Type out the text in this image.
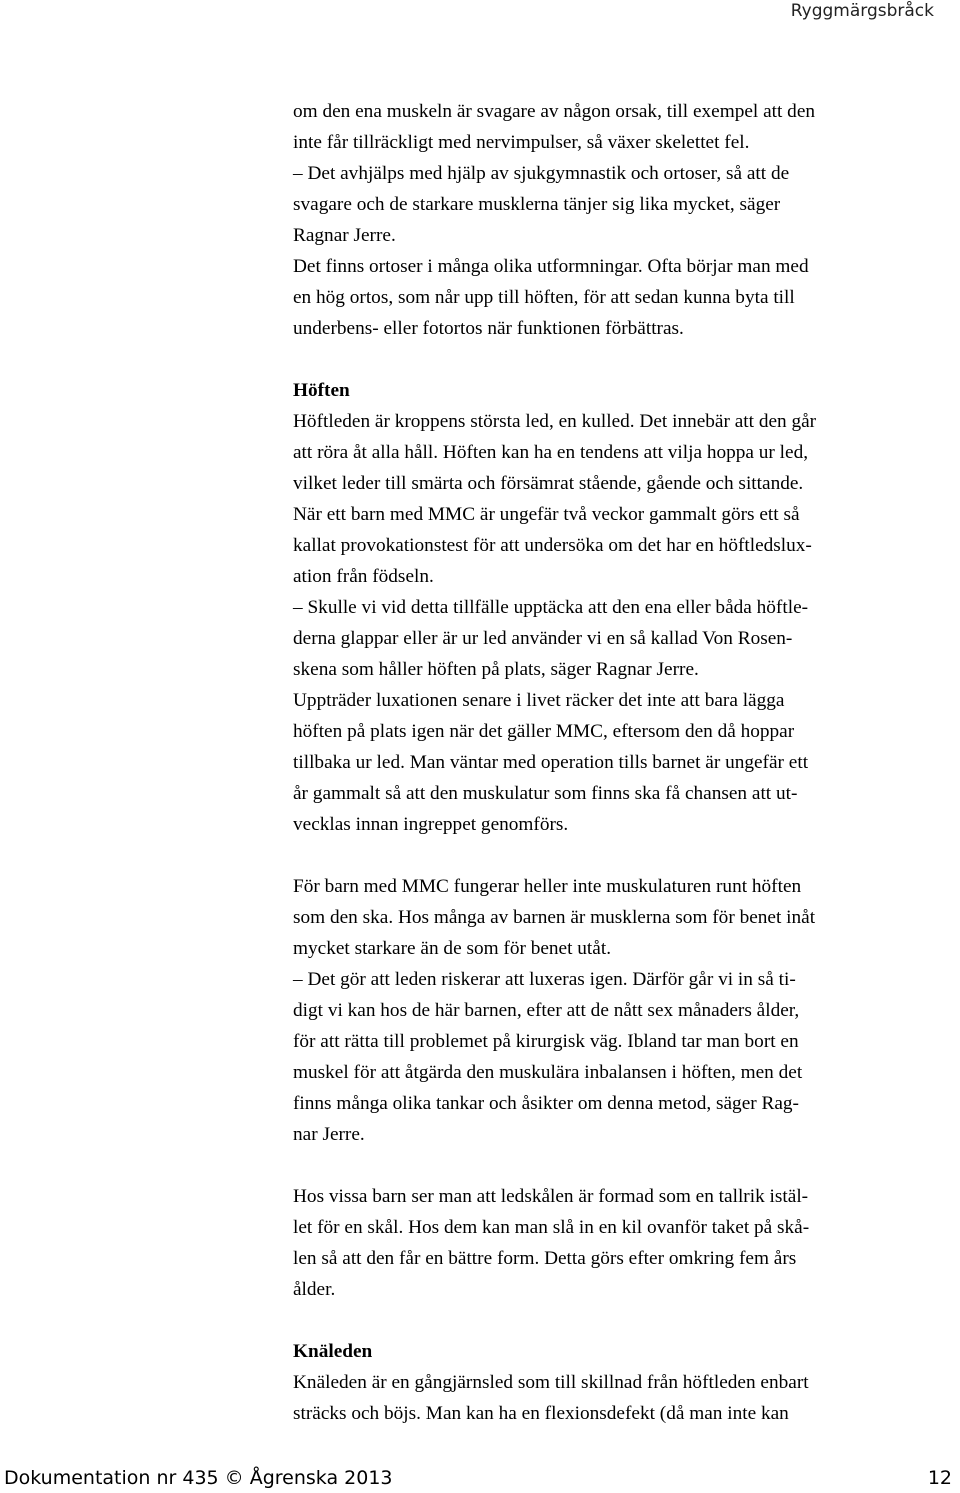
Ryggmärgsbråck

om den ena muskeln är svagare av någon orsak, till exempel att den

inte får tillräckligt med nervimpulser, så växer skelettet fel.

– Det avhjälps med hjälp av sjukgymnastik och ortoser, så att de

svagare och de starkare musklerna tänjer sig lika mycket, säger

Ragnar Jerre.

Det finns ortoser i många olika utformningar. Ofta börjar man med

en hög ortos, som når upp till höften, för att sedan kunna byta till

underbens- eller fotortos när funktionen förbättras.

Höften

Höftleden är kroppens största led, en kulled. Det innebär att den går

att röra åt alla håll. Höften kan ha en tendens att vilja hoppa ur led,

vilket leder till smärta och försämrat stående, gående och sittande.

När ett barn med MMC är ungefär två veckor gammalt görs ett så

kallat provokationstest för att undersöka om det har en höftledslux-

ation från födseln.

– Skulle vi vid detta tillfälle upptäcka att den ena eller båda höftle-

derna glappar eller är ur led använder vi en så kallad Von Rosen-

skena som håller höften på plats, säger Ragnar Jerre.

Uppträder luxationen senare i livet räcker det inte att bara lägga

höften på plats igen när det gäller MMC, eftersom den då hoppar

tillbaka ur led. Man väntar med operation tills barnet är ungefär ett

år gammalt så att den muskulatur som finns ska få chansen att ut-

vecklas innan ingreppet genomförs.

För barn med MMC fungerar heller inte muskulaturen runt höften

som den ska. Hos många av barnen är musklerna som för benet inåt

mycket starkare än de som för benet utåt.

– Det gör att leden riskerar att luxeras igen. Därför går vi in så ti-

digt vi kan hos de här barnen, efter att de nått sex månaders ålder,

för att rätta till problemet på kirurgisk väg. Ibland tar man bort en

muskel för att åtgärda den muskulära inbalansen i höften, men det

finns många olika tankar och åsikter om denna metod, säger Rag-

nar Jerre.

Hos vissa barn ser man att ledskålen är formad som en tallrik istäl-

let för en skål. Hos dem kan man slå in en kil ovanför taket på skå-

len så att den får en bättre form. Detta görs efter omkring fem års

ålder.

Knäleden

Knäleden är en gångjärnsled som till skillnad från höftleden enbart

sträcks och böjs. Man kan ha en flexionsdefekt (då man inte kan

Dokumentation nr 435 © Ågrenska 2013	12
